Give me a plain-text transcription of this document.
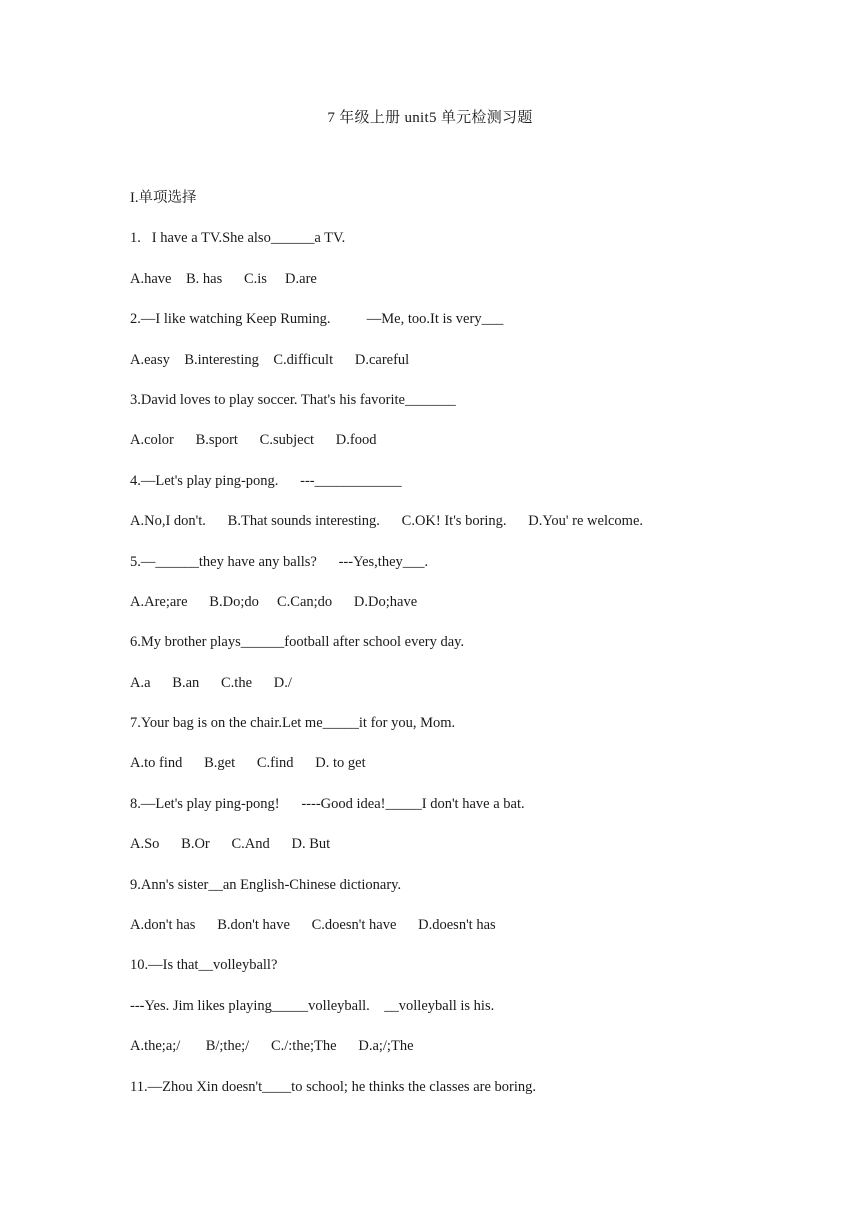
7 年级上册 unit5 单元检测习题
I.单项选择
1.   I have a TV.She also______a TV.
A.have    B. has      C.is     D.are
2.—I like watching Keep Ruming.          —Me, too.It is very___
A.easy    B.interesting    C.difficult      D.careful
3.David loves to play soccer. That's his favorite_______
A.color      B.sport      C.subject      D.food
4.—Let's play ping-pong.      ---____________
A.No,I don't.      B.That sounds interesting.      C.OK! It's boring.      D.You' re welcome.
5.—______they have any balls?      ---Yes,they___.
A.Are;are      B.Do;do     C.Can;do      D.Do;have
6.My brother plays______football after school every day.
A.a      B.an      C.the      D./
7.Your bag is on the chair.Let me_____it for you, Mom.
A.to find      B.get      C.find      D. to get
8.—Let's play ping-pong!      ----Good idea!_____I don't have a bat.
A.So      B.Or      C.And      D. But
9.Ann's sister__an English-Chinese dictionary.
A.don't has      B.don't have      C.doesn't have      D.doesn't has
10.—Is that__volleyball?
---Yes. Jim likes playing_____volleyball.    __volleyball is his.
A.the;a;/       B/;the;/      C./:the;The      D.a;/;The
11.—Zhou Xin doesn't____to school; he thinks the classes are boring.
